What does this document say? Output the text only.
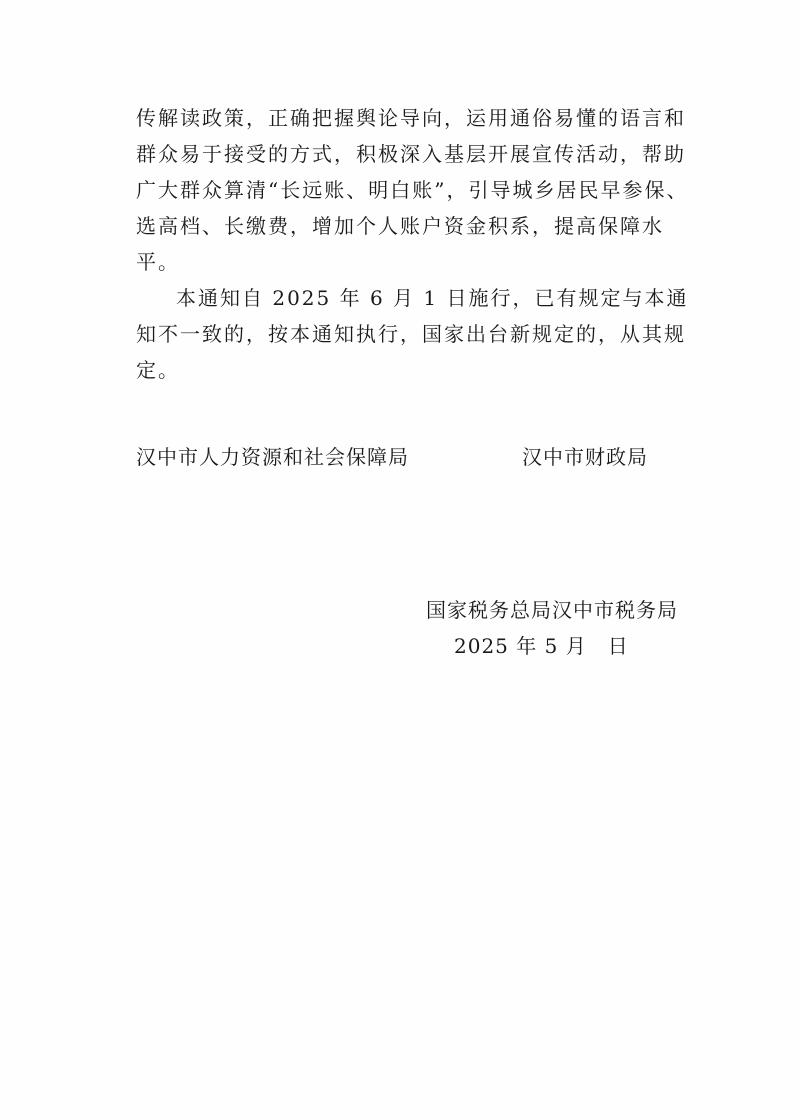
传解读政策，正确把握舆论导向，运用通俗易懂的语言和群众易于接受的方式，积极深入基层开展宣传活动，帮助广大群众算清“长远账、明白账”，引导城乡居民早参保、选高档、长缴费，增加个人账户资金积系，提高保障水平。

本通知自 2025 年 6 月 1 日施行，已有规定与本通知不一致的，按本通知执行，国家出台新规定的，从其规定。

汉中市人力资源和社会保障局	汉中市财政局
国家税务总局汉中市税务局
2025 年 5 月　日
